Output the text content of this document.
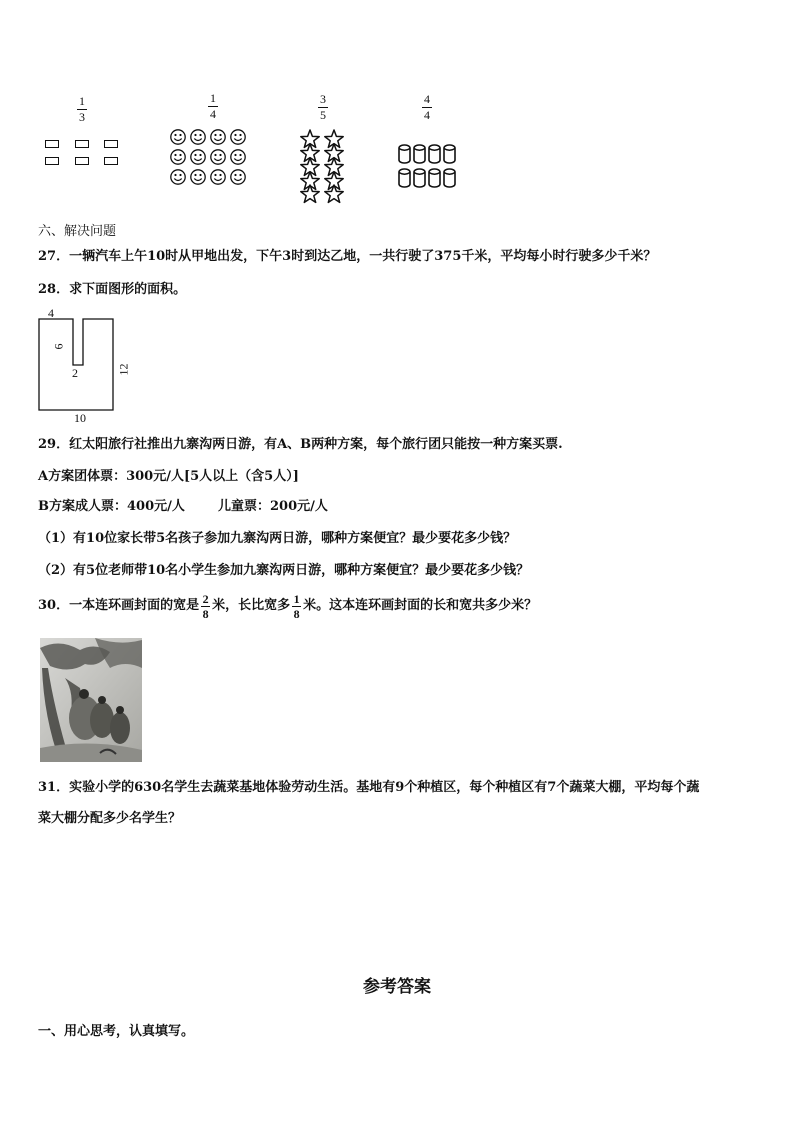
1
3
1
4
3
5
4
4
六、解决问题
27．一辆汽车上午10时从甲地出发，下午3时到达乙地，一共行驶了375千米，平均每小时行驶多少千米？
28．求下面图形的面积。
4
6
2	12
10
29．红太阳旅行社推出九寨沟两日游，有A、B两种方案，每个旅行团只能按一种方案买票.
A方案团体票：300元/人[5人以上（含5人）]
B方案成人票：400元/人	儿童票：200元/人
（1）有10位家长带5名孩子参加九寨沟两日游，哪种方案便宜？最少要花多少钱？
（2）有5位老师带10名小学生参加九寨沟两日游，哪种方案便宜？最少要花多少钱？
30．一本连环画封面的宽是 2
8
米，长比宽多 1
8
米。这本连环画封面的长和宽共多少米？
31．实验小学的630名学生去蔬菜基地体验劳动生活。基地有9个种植区，每个种植区有7个蔬菜大棚，平均每个蔬
菜大棚分配多少名学生？
参考答案
一、用心思考，认真填写。
